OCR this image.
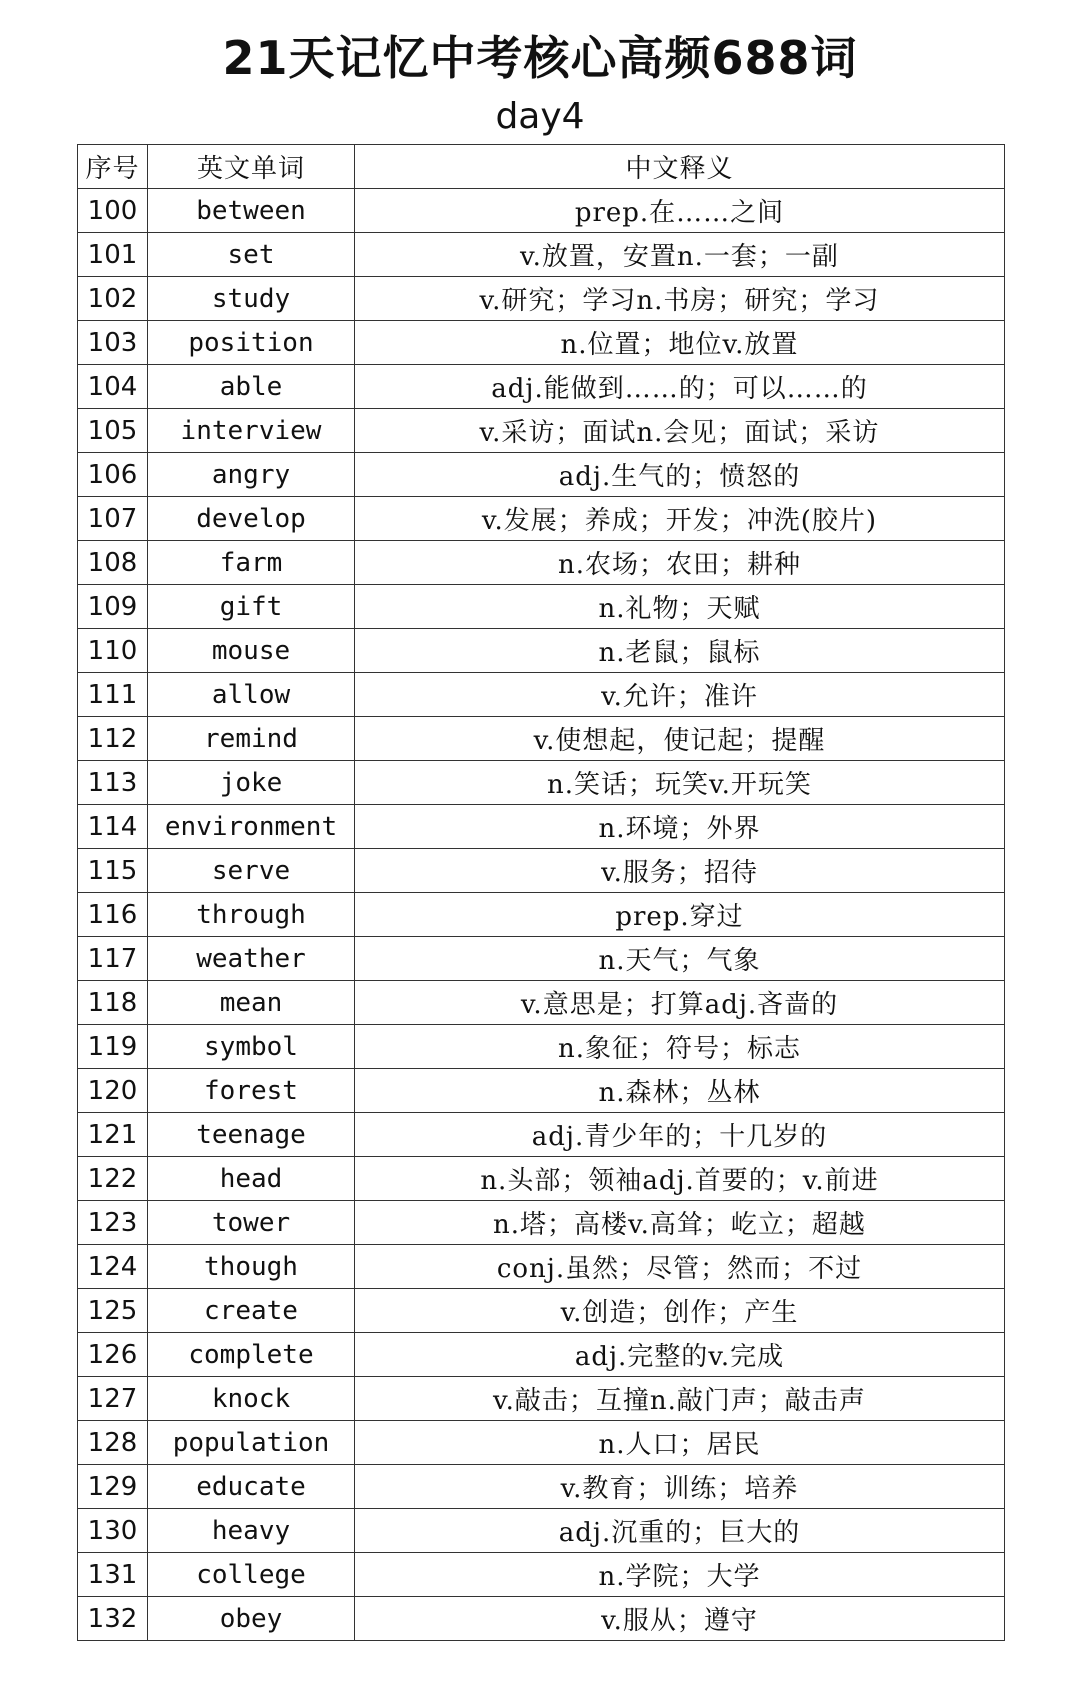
21天记忆中考核心高频688词
day4
序号	英文单词	中文释义
100	between	prep.在……之间
101	set	v.放置，安置n.一套；一副
102	study	v.研究；学习n.书房；研究；学习
103	position	n.位置；地位v.放置
104	able	adj.能做到……的；可以……的
105	interview	v.采访；面试n.会见；面试；采访
106	angry	adj.生气的；愤怒的
107	develop	v.发展；养成；开发；冲洗(胶片)
108	farm	n.农场；农田；耕种
109	gift	n.礼物；天赋
110	mouse	n.老鼠；鼠标
111	allow	v.允许；准许
112	remind	v.使想起，使记起；提醒
113	joke	n.笑话；玩笑v.开玩笑
114	environment	n.环境；外界
115	serve	v.服务；招待
116	through	prep.穿过
117	weather	n.天气；气象
118	mean	v.意思是；打算adj.吝啬的
119	symbol	n.象征；符号；标志
120	forest	n.森林；丛林
121	teenage	adj.青少年的；十几岁的
122	head	n.头部；领袖adj.首要的；v.前进
123	tower	n.塔；高楼v.高耸；屹立；超越
124	though	conj.虽然；尽管；然而；不过
125	create	v.创造；创作；产生
126	complete	adj.完整的v.完成
127	knock	v.敲击；互撞n.敲门声；敲击声
128	population	n.人口；居民
129	educate	v.教育；训练；培养
130	heavy	adj.沉重的；巨大的
131	college	n.学院；大学
132	obey	v.服从；遵守
